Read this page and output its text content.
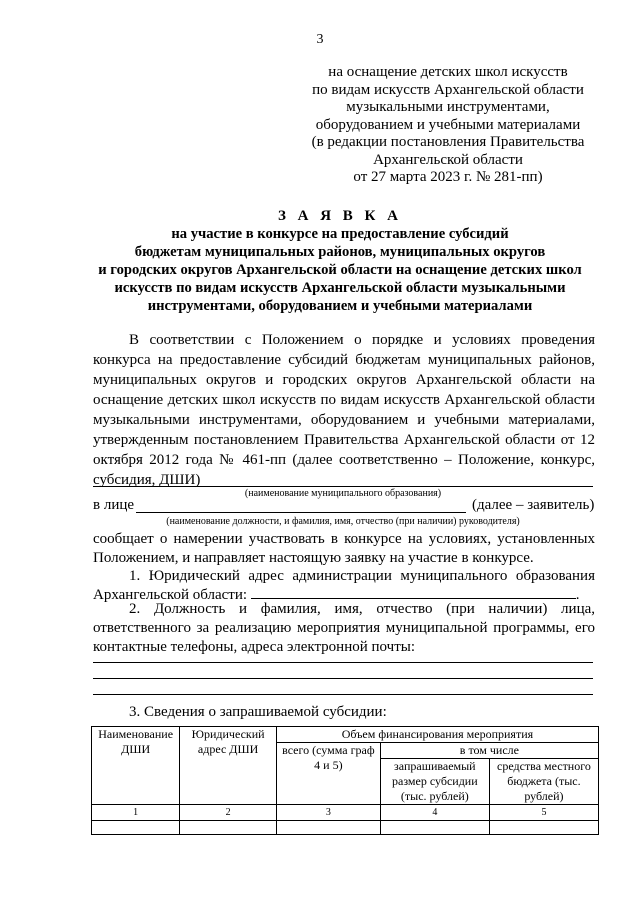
3
на оснащение детских школ искусств
по видам искусств Архангельской области
музыкальными инструментами,
оборудованием и учебными материалами
(в редакции постановления Правительства
Архангельской области
от 27 марта 2023 г. № 281-пп)
З А Я В К А
на участие в конкурсе на предоставление субсидий
бюджетам муниципальных районов, муниципальных округов
и городских округов Архангельской области на оснащение детских школ
искусств по видам искусств Архангельской области музыкальными
инструментами, оборудованием и учебными материалами

В соответствии с Положением о порядке и условиях проведения конкурса на предоставление субсидий бюджетам муниципальных районов, муниципальных округов и городских округов Архангельской области на оснащение детских школ искусств по видам искусств Архангельской области музыкальными инструментами, оборудованием и учебными материалами, утвержденным постановлением Правительства Архангельской области от 12 октября 2012 года № 461-пп (далее соответственно – Положение, конкурс, субсидия, ДШИ)

(наименование муниципального образования)
в лице	(далее – заявитель)
(наименование должности, и фамилия, имя, отчество (при наличии) руководителя)

сообщает о намерении участвовать в конкурсе на условиях, установленных Положением, и направляет настоящую заявку на участие в конкурсе.

1. Юридический адрес администрации муниципального образования Архангельской области:	.

2. Должность и фамилия, имя, отчество (при наличии) лица, ответственного за реализацию мероприятия муниципальной программы, его контактные телефоны, адреса электронной почты:

3. Сведения о запрашиваемой субсидии:

Наименование ДШИ	Юридический адрес ДШИ	Объем финансирования мероприятия		
		всего (сумма граф 4 и 5)	в том числе	
			запрашиваемый размер субсидии (тыс. рублей)	средства местного бюджета (тыс. рублей)
1	2	3	4	5
